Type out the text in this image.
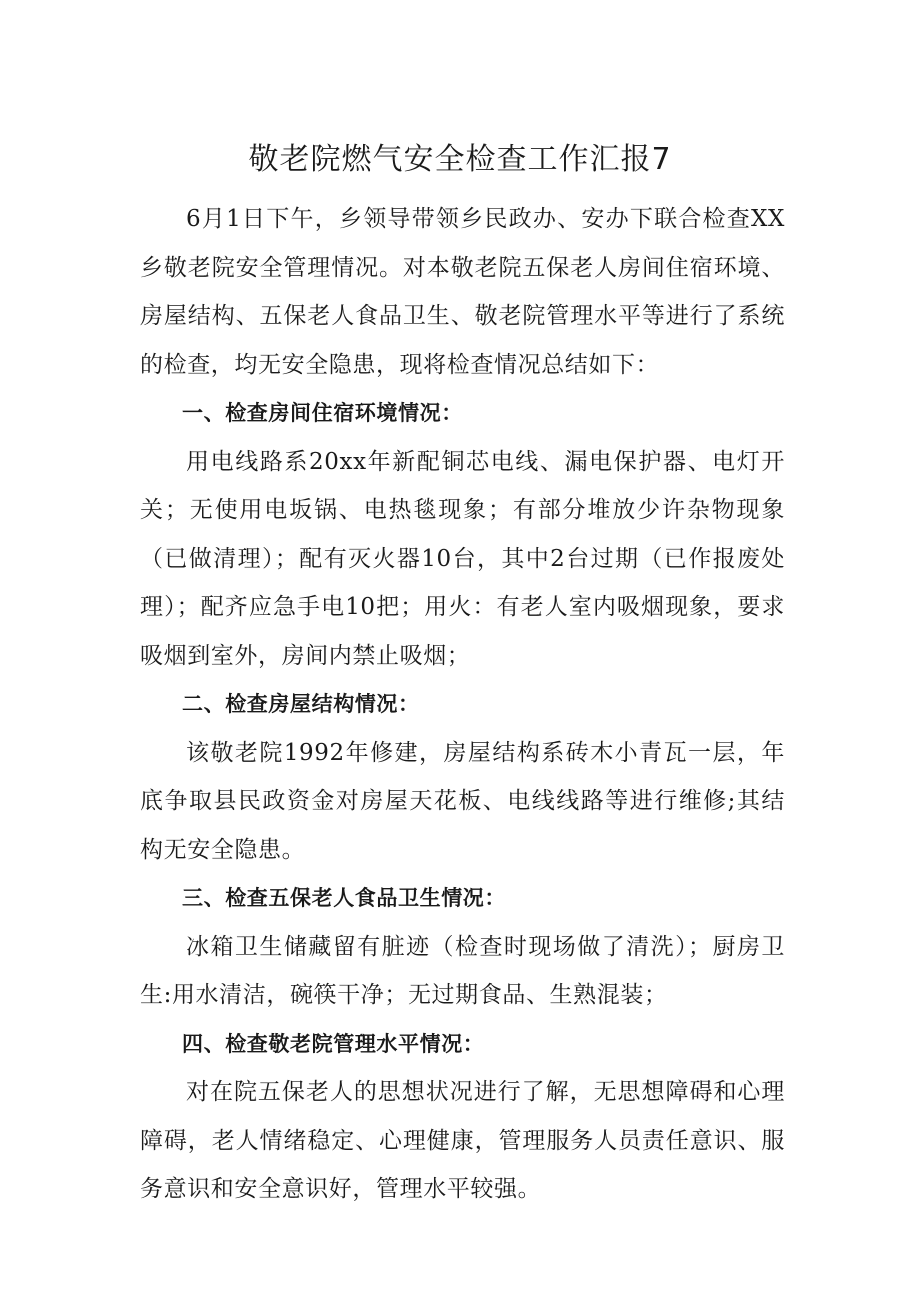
敬老院燃气安全检查工作汇报7

6月1日下午，乡领导带领乡民政办、安办下联合检查XX乡敬老院安全管理情况。对本敬老院五保老人房间住宿环境、房屋结构、五保老人食品卫生、敬老院管理水平等进行了系统的检查，均无安全隐患，现将检查情况总结如下：

一、检查房间住宿环境情况：

用电线路系20xx年新配铜芯电线、漏电保护器、电灯开关；无使用电坂锅、电热毯现象；有部分堆放少许杂物现象（已做清理）；配有灭火器10台，其中2台过期（已作报废处理）；配齐应急手电10把；用火：有老人室内吸烟现象，要求吸烟到室外，房间内禁止吸烟；

二、检查房屋结构情况：

该敬老院1992年修建，房屋结构系砖木小青瓦一层，年底争取县民政资金对房屋天花板、电线线路等进行维修;其结构无安全隐患。

三、检查五保老人食品卫生情况：

冰箱卫生储藏留有脏迹（检查时现场做了清洗）；厨房卫生:用水清洁，碗筷干净；无过期食品、生熟混装；

四、检查敬老院管理水平情况：

对在院五保老人的思想状况进行了解，无思想障碍和心理障碍，老人情绪稳定、心理健康，管理服务人员责任意识、服务意识和安全意识好，管理水平较强。
